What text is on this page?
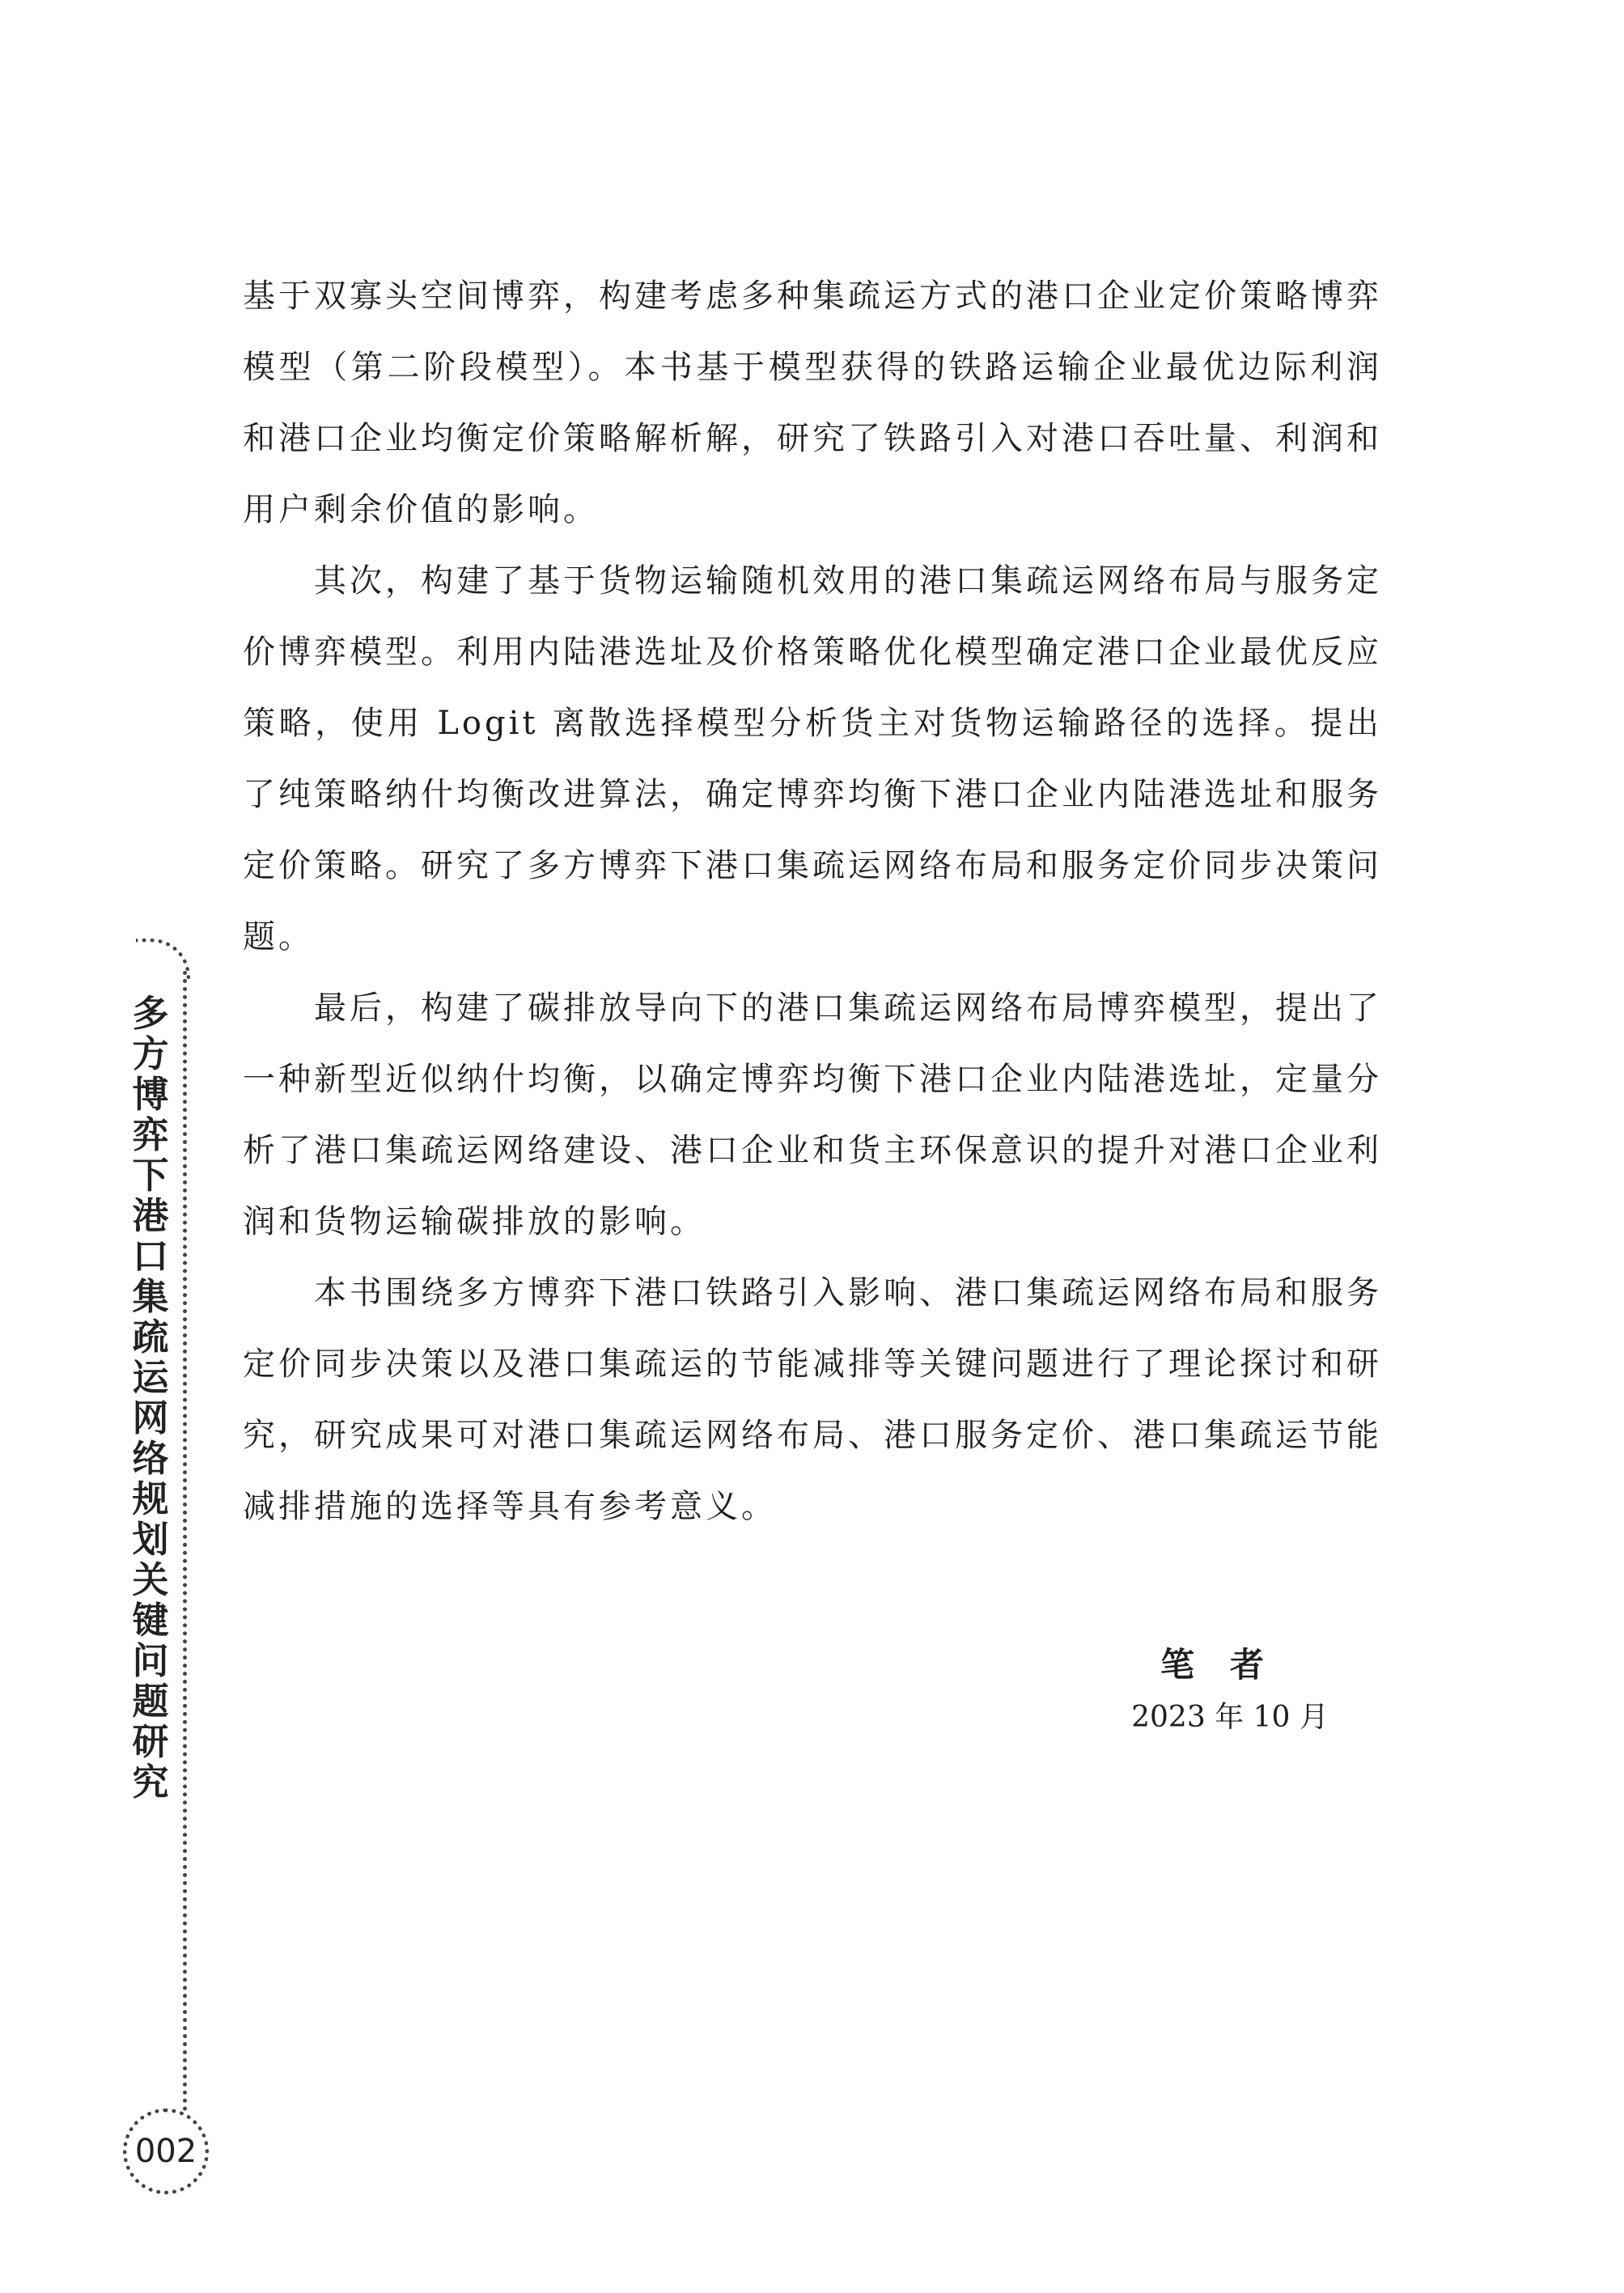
基于双寡头空间博弈，构建考虑多种集疏运方式的港口企业定价策略博弈模型（第二阶段模型）。本书基于模型获得的铁路运输企业最优边际利润和港口企业均衡定价策略解析解，研究了铁路引入对港口吞吐量、利润和用户剩余价值的影响。

其次，构建了基于货物运输随机效用的港口集疏运网络布局与服务定价博弈模型。利用内陆港选址及价格策略优化模型确定港口企业最优反应策略，使用 Logit 离散选择模型分析货主对货物运输路径的选择。提出了纯策略纳什均衡改进算法，确定博弈均衡下港口企业内陆港选址和服务定价策略。研究了多方博弈下港口集疏运网络布局和服务定价同步决策问题。

最后，构建了碳排放导向下的港口集疏运网络布局博弈模型，提出了一种新型近似纳什均衡，以确定博弈均衡下港口企业内陆港选址，定量分析了港口集疏运网络建设、港口企业和货主环保意识的提升对港口企业利润和货物运输碳排放的影响。

本书围绕多方博弈下港口铁路引入影响、港口集疏运网络布局和服务定价同步决策以及港口集疏运的节能减排等关键问题进行了理论探讨和研究，研究成果可对港口集疏运网络布局、港口服务定价、港口集疏运节能减排措施的选择等具有参考意义。

多方博弈下港口集疏运网络规划关键问题研究
002
笔者
2023 年 10 月
